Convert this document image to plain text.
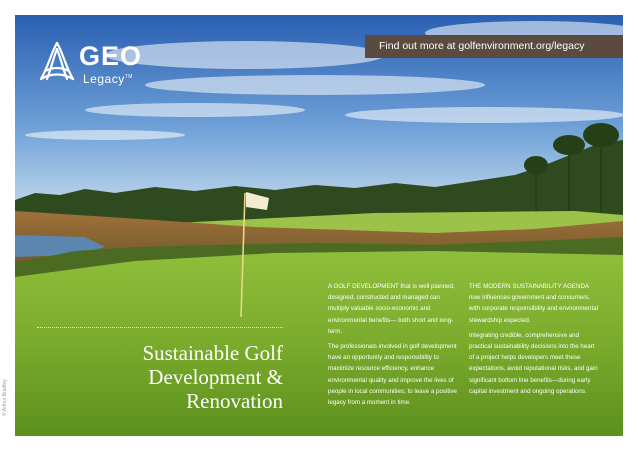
GEO
Legacy™
Find out more at golfenvironment.org/legacy
Sustainable Golf
Development &
Renovation

A GOLF DEVELOPMENT that is well planned, designed, constructed and managed can multiply valuable socio-economic and environmental benefits— both short and long-term.

The professionals involved in golf development have an opportunity and responsibility to maximize resource efficiency, enhance environmental quality and improve the lives of people in local communities; to leave a positive legacy from a moment in time.

THE MODERN SUSTAINABILITY AGENDA now influences government and consumers, with corporate responsibility and environmental stewardship expected.

Integrating credible, comprehensive and practical sustainability decisions into the heart of a project helps developers meet these expectations, avoid reputational risks, and gain significant bottom line benefits—during early capital investment and ongoing operations.

© Arthur Bradley
